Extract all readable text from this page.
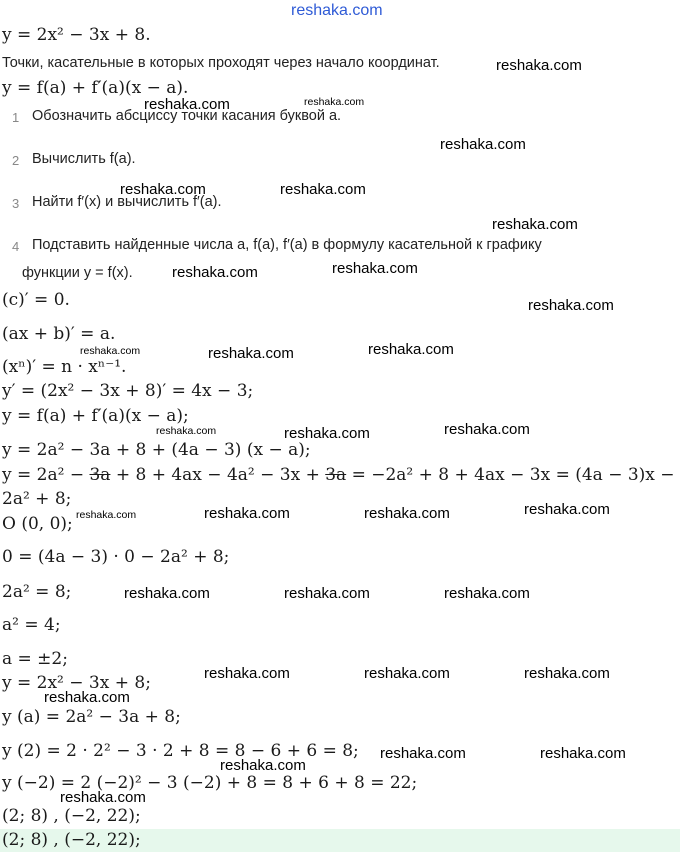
reshaka.com
y = 2x² − 3x + 8.
Точки, касательные в которых проходят через начало координат.
y = f(a) + f′(a)(x − a).
1 Обозначить абсциссу точки касания буквой a.
2 Вычислить f(a).
3 Найти f′(x) и вычислить f′(a).
4 Подставить найденные числа a, f(a), f′(a) в формулу касательной к графику
функции y = f(x).
(c)′ = 0.
(ax + b)′ = a.
(xⁿ)′ = n · xⁿ⁻¹.
y′ = (2x² − 3x + 8)′ = 4x − 3;
y = f(a) + f′(a)(x − a);
y = 2a² − 3a + 8 + (4a − 3) (x − a);
y = 2a² − 3a + 8 + 4ax − 4a² − 3x + 3a = −2a² + 8 + 4ax − 3x = (4a − 3)x −
2a² + 8;
O (0, 0);
0 = (4a − 3) · 0 − 2a² + 8;
2a² = 8;
a² = 4;
a = ±2;
y = 2x² − 3x + 8;
y (a) = 2a² − 3a + 8;
y (2) = 2 · 2² − 3 · 2 + 8 = 8 − 6 + 6 = 8;
y (−2) = 2 (−2)² − 3 (−2) + 8 = 8 + 6 + 8 = 22;
(2; 8) , (−2, 22);
(2; 8) , (−2, 22);
reshaka.com
reshaka.com	reshaka.com
reshaka.com
reshaka.com	reshaka.com
reshaka.com
reshaka.com	reshaka.com
reshaka.com
reshaka.com	reshaka.com	reshaka.com
reshaka.com	reshaka.com	reshaka.com
reshaka.com	reshaka.com	reshaka.com	reshaka.com
reshaka.com	reshaka.com	reshaka.com
reshaka.com	reshaka.com	reshaka.com
reshaka.com
reshaka.com	reshaka.com
reshaka.com
reshaka.com
